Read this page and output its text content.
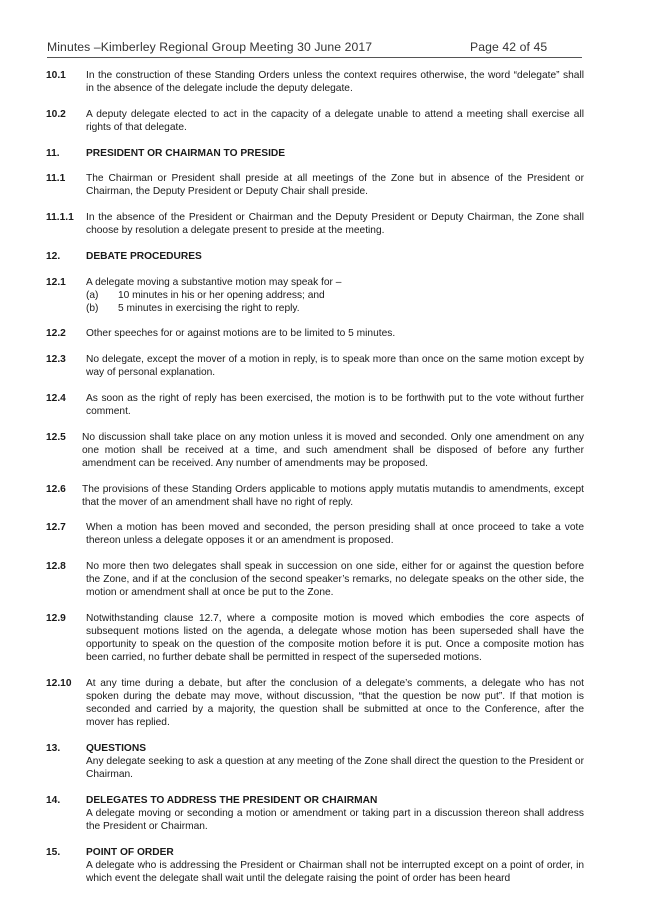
Minutes –Kimberley Regional Group Meeting 30 June 2017	Page 42 of 45
10.1	In the construction of these Standing Orders unless the context requires otherwise, the word “delegate” shall in the absence of the delegate include the deputy delegate.
10.2	A deputy delegate elected to act in the capacity of a delegate unable to attend a meeting shall exercise all rights of that delegate.
11.	PRESIDENT OR CHAIRMAN TO PRESIDE
11.1	The Chairman or President shall preside at all meetings of the Zone but in absence of the President or Chairman, the Deputy President or Deputy Chair shall preside.
11.1.1	In the absence of the President or Chairman and the Deputy President or Deputy Chairman, the Zone shall choose by resolution a delegate present to preside at the meeting.
12.	DEBATE PROCEDURES
12.1	A delegate moving a substantive motion may speak for –
(a)	10 minutes in his or her opening address; and
(b)	5 minutes in exercising the right to reply.
12.2	Other speeches for or against motions are to be limited to 5 minutes.
12.3	No delegate, except the mover of a motion in reply, is to speak more than once on the same motion except by way of personal explanation.
12.4	As soon as the right of reply has been exercised, the motion is to be forthwith put to the vote without further comment.
12.5	No discussion shall take place on any motion unless it is moved and seconded. Only one amendment on any one motion shall be received at a time, and such amendment shall be disposed of before any further amendment can be received. Any number of amendments may be proposed.
12.6	The provisions of these Standing Orders applicable to motions apply mutatis mutandis to amendments, except that the mover of an amendment shall have no right of reply.
12.7	When a motion has been moved and seconded, the person presiding shall at once proceed to take a vote thereon unless a delegate opposes it or an amendment is proposed.
12.8	No more then two delegates shall speak in succession on one side, either for or against the question before the Zone, and if at the conclusion of the second speaker’s remarks, no delegate speaks on the other side, the motion or amendment shall at once be put to the Zone.
12.9	Notwithstanding clause 12.7, where a composite motion is moved which embodies the core aspects of subsequent motions listed on the agenda, a delegate whose motion has been superseded shall have the opportunity to speak on the question of the composite motion before it is put. Once a composite motion has been carried, no further debate shall be permitted in respect of the superseded motions.
12.10	At any time during a debate, but after the conclusion of a delegate’s comments, a delegate who has not spoken during the debate may move, without discussion, “that the question be now put”. If that motion is seconded and carried by a majority, the question shall be submitted at once to the Conference, after the mover has replied.
13.	QUESTIONS
Any delegate seeking to ask a question at any meeting of the Zone shall direct the question to the President or Chairman.
14.	DELEGATES TO ADDRESS THE PRESIDENT OR CHAIRMAN
A delegate moving or seconding a motion or amendment or taking part in a discussion thereon shall address the President or Chairman.
15.	POINT OF ORDER
A delegate who is addressing the President or Chairman shall not be interrupted except on a point of order, in which event the delegate shall wait until the delegate raising the point of order has been heard
